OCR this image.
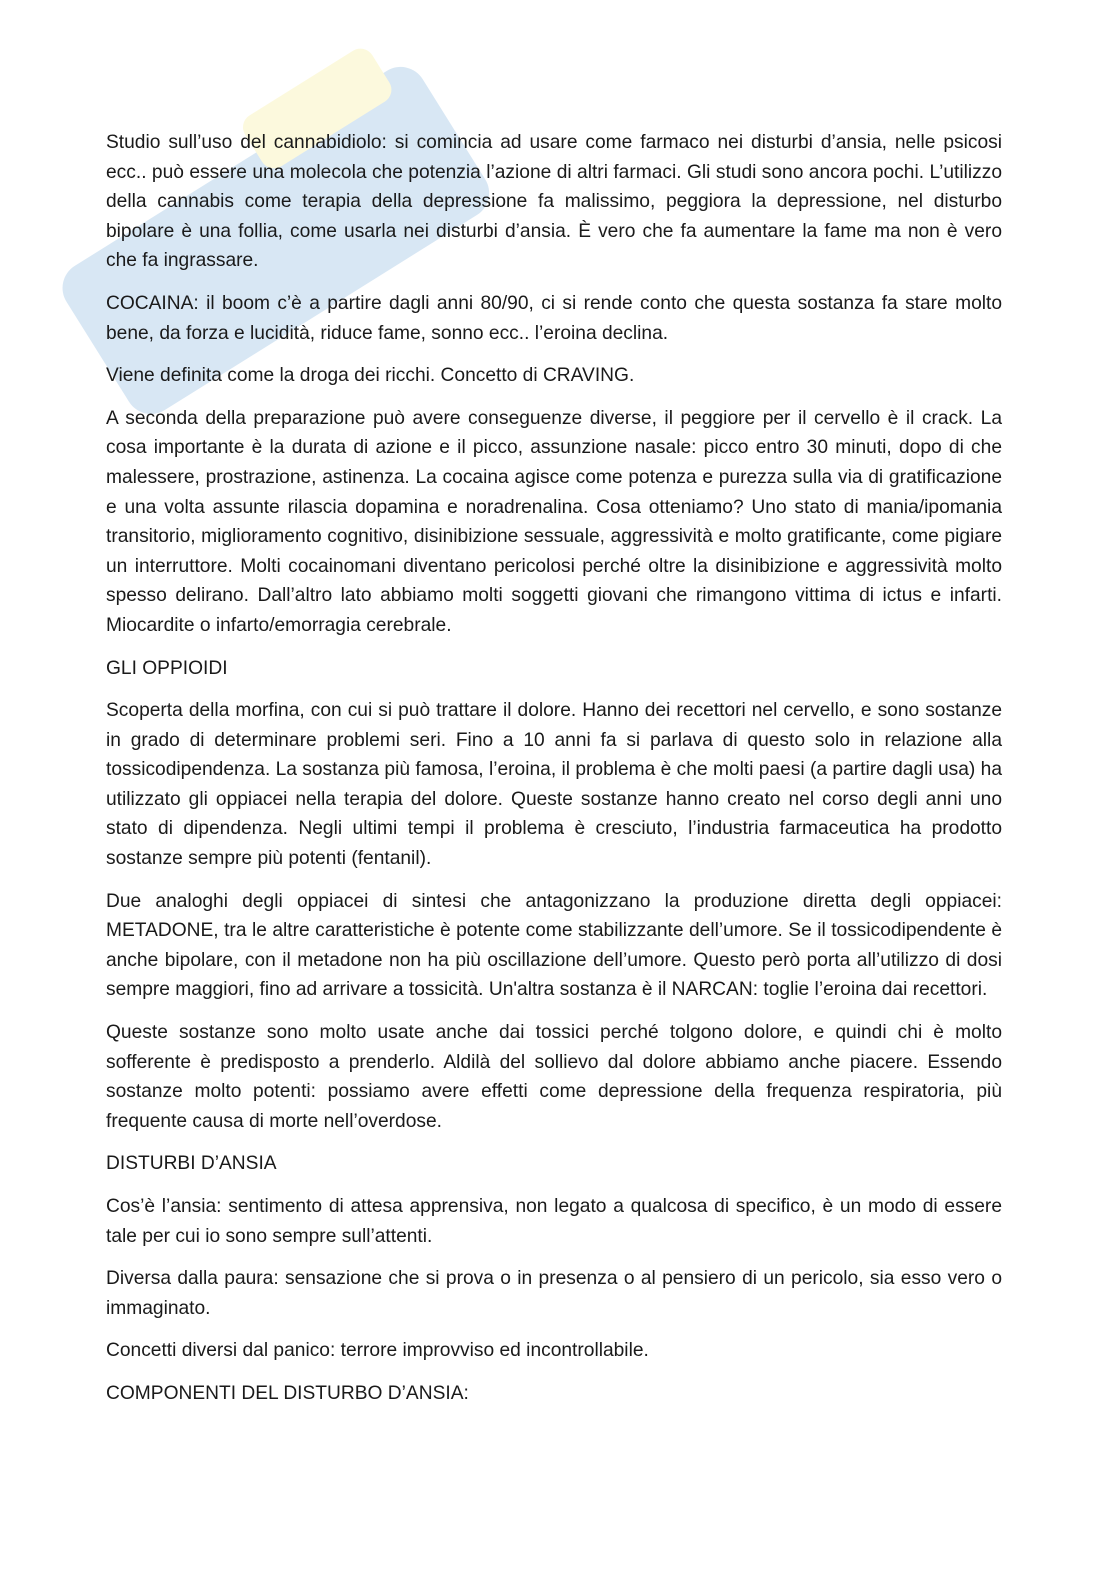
Studio sull’uso del cannabidiolo: si comincia ad usare come farmaco nei disturbi d’ansia, nelle psicosi ecc.. può essere una molecola che potenzia l’azione di altri farmaci. Gli studi sono ancora pochi. L’utilizzo della cannabis come terapia della depressione fa malissimo, peggiora la depressione, nel disturbo bipolare è una follia, come usarla nei disturbi d’ansia. È vero che fa aumentare la fame ma non è vero che fa ingrassare.

COCAINA: il boom c’è a partire dagli anni 80/90, ci si rende conto che questa sostanza fa stare molto bene, da forza e lucidità, riduce fame, sonno ecc.. l’eroina declina.

Viene definita come la droga dei ricchi. Concetto di CRAVING.

A seconda della preparazione può avere conseguenze diverse, il peggiore per il cervello è il crack. La cosa importante è la durata di azione e il picco, assunzione nasale: picco entro 30 minuti, dopo di che malessere, prostrazione, astinenza. La cocaina agisce come potenza e purezza sulla via di gratificazione e una volta assunte rilascia dopamina e noradrenalina. Cosa otteniamo? Uno stato di mania/ipomania transitorio, miglioramento cognitivo, disinibizione sessuale, aggressività e molto gratificante, come pigiare un interruttore. Molti cocainomani diventano pericolosi perché oltre la disinibizione e aggressività molto spesso delirano. Dall’altro lato abbiamo molti soggetti giovani che rimangono vittima di ictus e infarti. Miocardite o infarto/emorragia cerebrale.

GLI OPPIOIDI

Scoperta della morfina, con cui si può trattare il dolore. Hanno dei recettori nel cervello, e sono sostanze in grado di determinare problemi seri. Fino a 10 anni fa si parlava di questo solo in relazione alla tossicodipendenza. La sostanza più famosa, l’eroina, il problema è che molti paesi (a partire dagli usa) ha utilizzato gli oppiacei nella terapia del dolore. Queste sostanze hanno creato nel corso degli anni uno stato di dipendenza. Negli ultimi tempi il problema è cresciuto, l’industria farmaceutica ha prodotto sostanze sempre più potenti (fentanil).

Due analoghi degli oppiacei di sintesi che antagonizzano la produzione diretta degli oppiacei: METADONE, tra le altre caratteristiche è potente come stabilizzante dell’umore. Se il tossicodipendente è anche bipolare, con il metadone non ha più oscillazione dell’umore. Questo però porta all’utilizzo di dosi sempre maggiori, fino ad arrivare a tossicità. Un'altra sostanza è il NARCAN: toglie l’eroina dai recettori.

Queste sostanze sono molto usate anche dai tossici perché tolgono dolore, e quindi chi è molto sofferente è predisposto a prenderlo. Aldilà del sollievo dal dolore abbiamo anche piacere. Essendo sostanze molto potenti: possiamo avere effetti come depressione della frequenza respiratoria, più frequente causa di morte nell’overdose.

DISTURBI D’ANSIA

Cos’è l’ansia: sentimento di attesa apprensiva, non legato a qualcosa di specifico, è un modo di essere tale per cui io sono sempre sull’attenti.

Diversa dalla paura: sensazione che si prova o in presenza o al pensiero di un pericolo, sia esso vero o immaginato.

Concetti diversi dal panico: terrore improvviso ed incontrollabile.

COMPONENTI DEL DISTURBO D’ANSIA:
